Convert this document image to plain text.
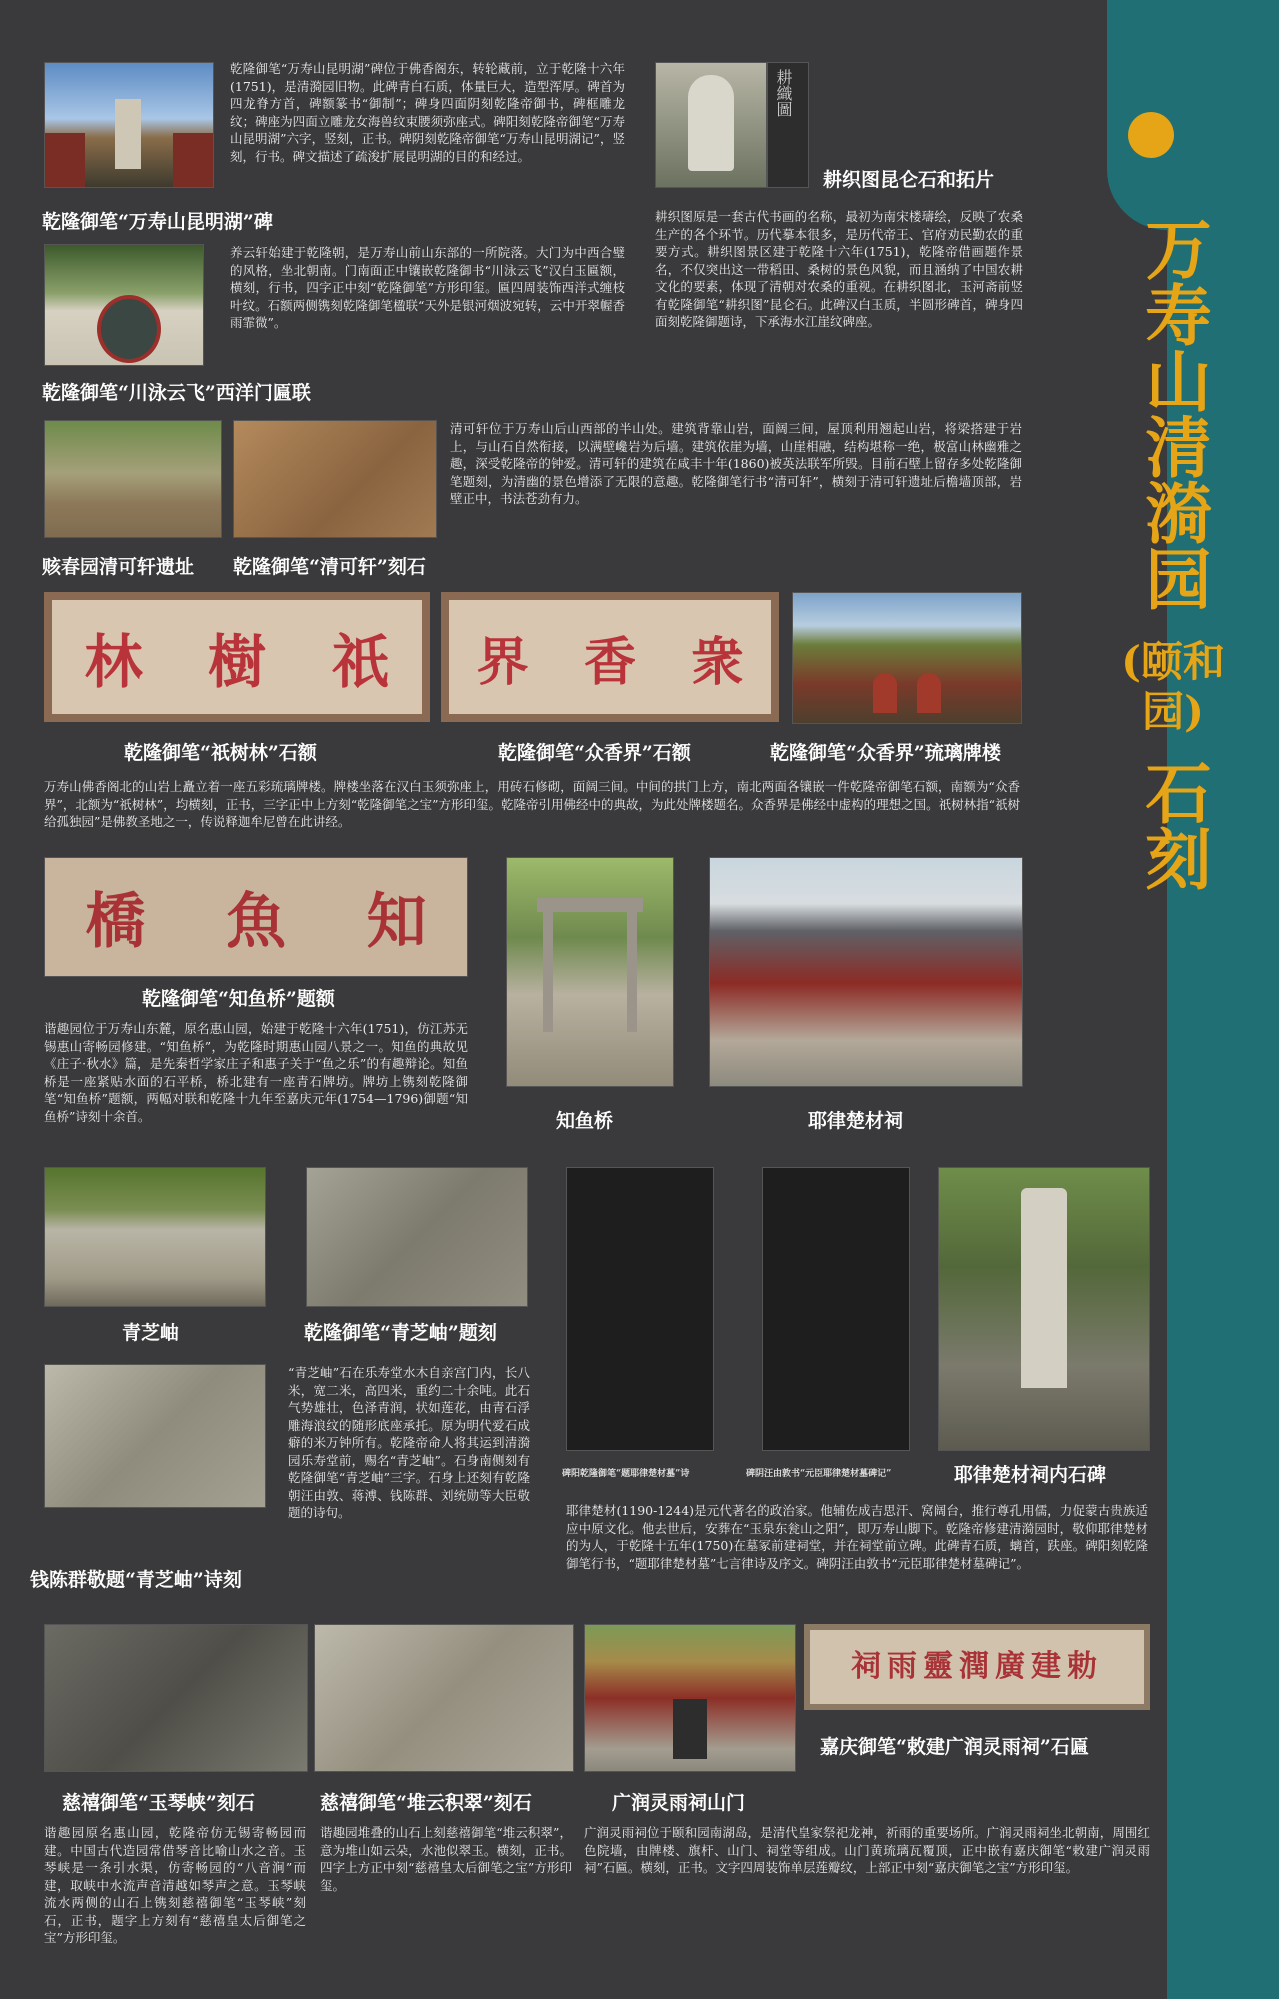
万寿山清漪园
(颐和园)
石刻
乾隆御笔“万寿山昆明湖”碑位于佛香阁东，转轮藏前，立于乾隆十六年(1751)，是清漪园旧物。此碑青白石质，体量巨大，造型浑厚。碑首为四龙脊方首，碑额篆书“御制”；碑身四面阴刻乾隆帝御书，碑框雕龙纹；碑座为四面立雕龙女海兽纹束腰须弥座式。碑阳刻乾隆帝御笔“万寿山昆明湖”六字，竖刻，正书。碑阴刻乾隆帝御笔“万寿山昆明湖记”，竖刻，行书。碑文描述了疏浚扩展昆明湖的目的和经过。
乾隆御笔“万寿山昆明湖”碑
耕織圖
耕织图昆仑石和拓片
耕织图原是一套古代书画的名称，最初为南宋楼璹绘，反映了农桑生产的各个环节。历代摹本很多，是历代帝王、官府劝民勤农的重要方式。耕织图景区建于乾隆十六年(1751)，乾隆帝借画题作景名，不仅突出这一带稻田、桑树的景色风貌，而且涵纳了中国农耕文化的要素，体现了清朝对农桑的重视。在耕织图北，玉河斋前竖有乾隆御笔“耕织图”昆仑石。此碑汉白玉质，半圆形碑首，碑身四面刻乾隆御题诗，下承海水江崖纹碑座。
养云轩始建于乾隆朝，是万寿山前山东部的一所院落。大门为中西合璧的风格，坐北朝南。门南面正中镶嵌乾隆御书“川泳云飞”汉白玉匾额，横刻，行书，四字正中刻“乾隆御笔”方形印玺。匾四周装饰西洋式缠枝叶纹。石额两侧镌刻乾隆御笔楹联“天外是银河烟波宛转，云中开翠幄香雨霏微”。
乾隆御笔“川泳云飞”西洋门匾联
清可轩位于万寿山后山西部的半山处。建筑背靠山岩，面阔三间，屋顶利用翘起山岩，将梁搭建于岩上，与山石自然衔接，以满壁巉岩为后墙。建筑依崖为墙，山崖相融，结构堪称一绝，极富山林幽雅之趣，深受乾隆帝的钟爱。清可轩的建筑在咸丰十年(1860)被英法联军所毁。目前石壁上留存多处乾隆御笔题刻，为清幽的景色增添了无限的意趣。乾隆御笔行书“清可轩”，横刻于清可轩遗址后檐墙顶部，岩壁正中，书法苍劲有力。
赅春园清可轩遗址 乾隆御笔“清可轩”刻石
林 樹 祇 界 香 衆
乾隆御笔“祇树林”石额	乾隆御笔“众香界”石额	乾隆御笔“众香界”琉璃牌楼
万寿山佛香阁北的山岩上矗立着一座五彩琉璃牌楼。牌楼坐落在汉白玉须弥座上，用砖石修砌，面阔三间。中间的拱门上方，南北两面各镶嵌一件乾隆帝御笔石额，南额为“众香界”，北额为“祇树林”，均横刻，正书，三字正中上方刻“乾隆御笔之宝”方形印玺。乾隆帝引用佛经中的典故，为此处牌楼题名。众香界是佛经中虚构的理想之国。祇树林指“祇树给孤独园”是佛教圣地之一，传说释迦牟尼曾在此讲经。
橋 魚 知
乾隆御笔“知鱼桥”题额
谐趣园位于万寿山东麓，原名惠山园，始建于乾隆十六年(1751)，仿江苏无锡惠山寄畅园修建。“知鱼桥”，为乾隆时期惠山园八景之一。知鱼的典故见《庄子·秋水》篇，是先秦哲学家庄子和惠子关于“鱼之乐”的有趣辩论。知鱼桥是一座紧贴水面的石平桥，桥北建有一座青石牌坊。牌坊上镌刻乾隆御笔“知鱼桥”题额，两幅对联和乾隆十九年至嘉庆元年(1754—1796)御题“知鱼桥”诗刻十余首。	知鱼桥	耶律楚材祠
青芝岫	乾隆御笔“青芝岫”题刻
“青芝岫”石在乐寿堂水木自亲宫门内，长八米，宽二米，高四米，重约二十余吨。此石气势雄壮，色泽青润，状如莲花，由青石浮雕海浪纹的随形底座承托。原为明代爱石成癖的米万钟所有。乾隆帝命人将其运到清漪园乐寿堂前，赐名“青芝岫”。石身南侧刻有乾隆御笔“青芝岫”三字。石身上还刻有乾隆朝汪由敦、蒋溥、钱陈群、刘统勋等大臣敬题的诗句。
钱陈群敬题“青芝岫”诗刻
碑阳乾隆御笔“题耶律楚材墓”诗	碑阴汪由敦书“元臣耶律楚材墓碑记”	耶律楚材祠内石碑
耶律楚材(1190-1244)是元代著名的政治家。他辅佐成吉思汗、窝阔台，推行尊孔用儒，力促蒙古贵族适应中原文化。他去世后，安葬在“玉泉东瓮山之阳”，即万寿山脚下。乾隆帝修建清漪园时，敬仰耶律楚材的为人，于乾隆十五年(1750)在墓冢前建祠堂，并在祠堂前立碑。此碑青石质，螭首，趺座。碑阳刻乾隆御笔行书，“题耶律楚材墓”七言律诗及序文。碑阴汪由敦书“元臣耶律楚材墓碑记”。
祠雨靈潤廣建勅
嘉庆御笔“敕建广润灵雨祠”石匾
慈禧御笔“玉琴峡”刻石	慈禧御笔“堆云积翠”刻石	广润灵雨祠山门
谐趣园原名惠山园，乾隆帝仿无锡寄畅园而建。中国古代造园常借琴音比喻山水之音。玉琴峡是一条引水渠，仿寄畅园的“八音涧”而建，取峡中水流声音清越如琴声之意。玉琴峡流水两侧的山石上镌刻慈禧御笔“玉琴峡”刻石，正书，题字上方刻有“慈禧皇太后御笔之宝”方形印玺。
谐趣园堆叠的山石上刻慈禧御笔“堆云积翠”，意为堆山如云朵，水池似翠玉。横刻，正书。四字上方正中刻“慈禧皇太后御笔之宝”方形印玺。
广润灵雨祠位于颐和园南湖岛，是清代皇家祭祀龙神，祈雨的重要场所。广润灵雨祠坐北朝南，周围红色院墙，由牌楼、旗杆、山门、祠堂等组成。山门黄琉璃瓦覆顶，正中嵌有嘉庆御笔“敕建广润灵雨祠”石匾。横刻，正书。文字四周装饰单层莲瓣纹，上部正中刻“嘉庆御笔之宝”方形印玺。
